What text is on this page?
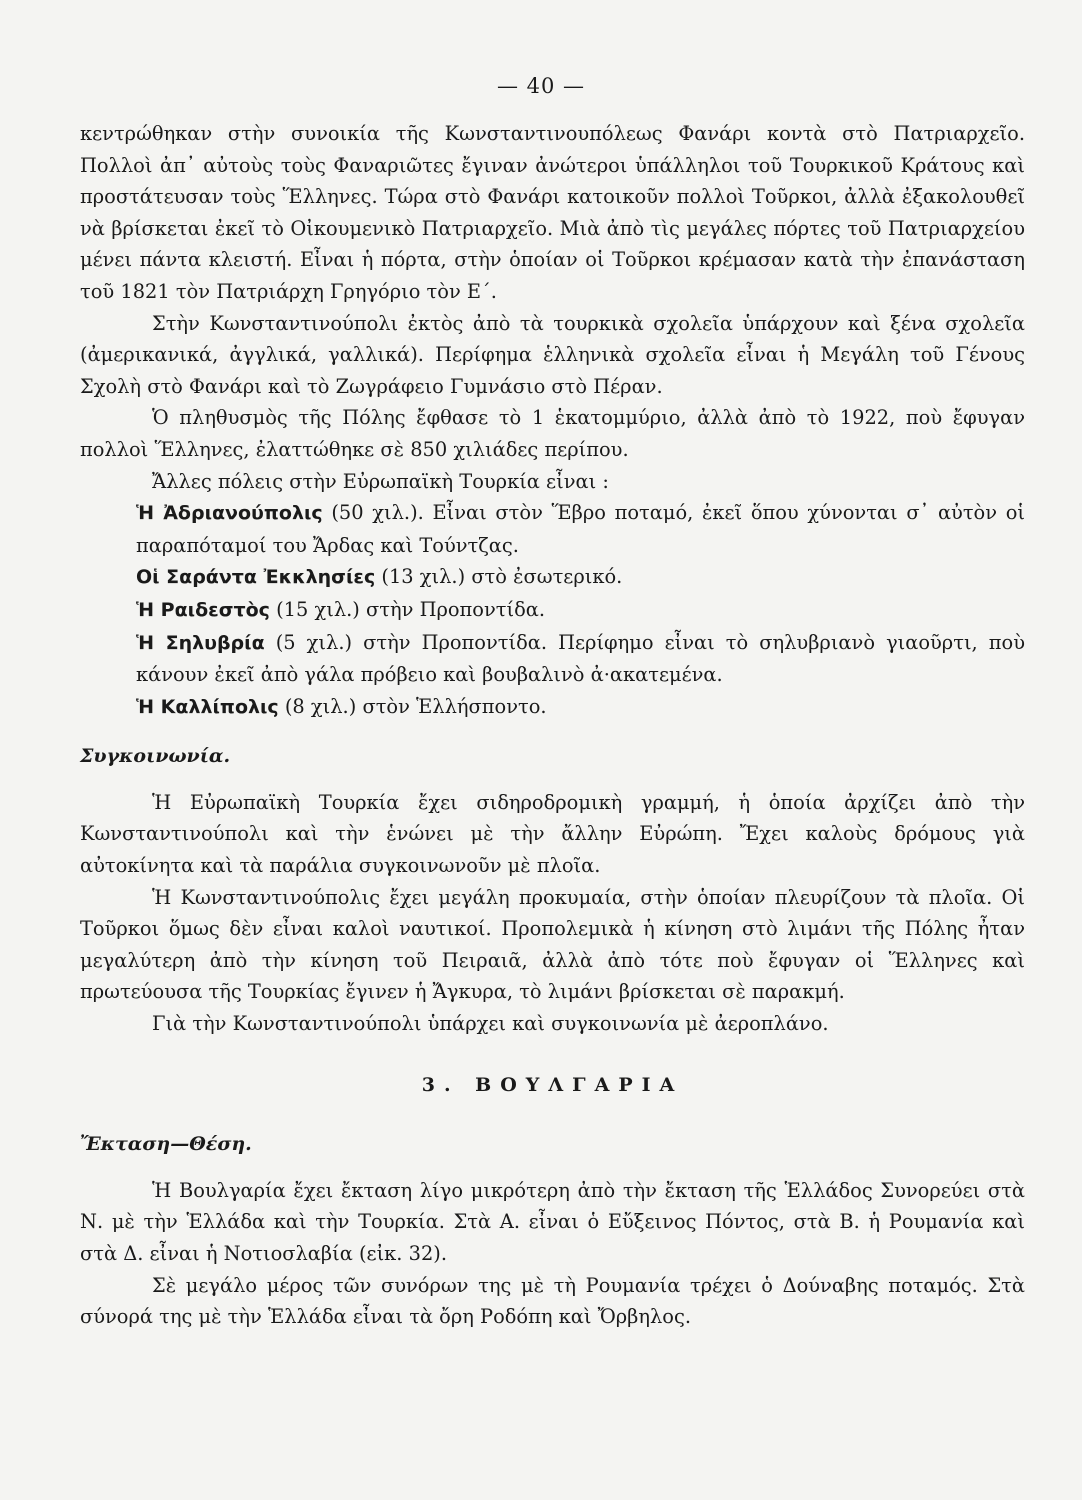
— 40 —

κεντρώθηκαν στὴν συνοικία τῆς Κωνσταντινουπόλεως Φανάρι κοντὰ στὸ Πατριαρχεῖο. Πολλοὶ ἀπ᾿ αὐτοὺς τοὺς Φαναριῶτες ἔγιναν ἀνώτεροι ὑπάλληλοι τοῦ Τουρκικοῦ Κράτους καὶ προστάτευσαν τοὺς Ἕλληνες. Τώρα στὸ Φανάρι κατοικοῦν πολλοὶ Τοῦρκοι, ἀλλὰ ἐξακολουθεῖ νὰ βρίσκεται ἐκεῖ τὸ Οἰκουμενικὸ Πατριαρχεῖο. Μιὰ ἀπὸ τὶς μεγάλες πόρτες τοῦ Πατριαρχείου μένει πάντα κλειστή. Εἶναι ἡ πόρτα, στὴν ὁποίαν οἱ Τοῦρκοι κρέμασαν κατὰ τὴν ἐπανάσταση τοῦ 1821 τὸν Πατριάρχη Γρηγόριο τὸν Ε΄.

Στὴν Κωνσταντινούπολι ἐκτὸς ἀπὸ τὰ τουρκικὰ σχολεῖα ὑπάρχουν καὶ ξένα σχολεῖα (ἀμερικανικά, ἀγγλικά, γαλλικά). Περίφημα ἑλληνικὰ σχολεῖα εἶναι ἡ Μεγάλη τοῦ Γένους Σχολὴ στὸ Φανάρι καὶ τὸ Ζωγράφειο Γυμνάσιο στὸ Πέραν.

Ὁ πληθυσμὸς τῆς Πόλης ἔφθασε τὸ 1 ἑκατομμύριο, ἀλλὰ ἀπὸ τὸ 1922, ποὺ ἔφυγαν πολλοὶ Ἕλληνες, ἐλαττώθηκε σὲ 850 χιλιάδες περίπου.

Ἄλλες πόλεις στὴν Εὐρωπαϊκὴ Τουρκία εἶναι :

Ἡ Ἀδριανούπολις (50 χιλ.). Εἶναι στὸν Ἕβρο ποταμό, ἐκεῖ ὅπου χύνονται σ᾿ αὐτὸν οἱ παραπόταμοί του Ἄρδας καὶ Τούντζας.

Οἱ Σαράντα Ἐκκλησίες (13 χιλ.) στὸ ἐσωτερικό.

Ἡ Ραιδεστὸς (15 χιλ.) στὴν Προποντίδα.

Ἡ Σηλυβρία (5 χιλ.) στὴν Προποντίδα. Περίφημο εἶναι τὸ σηλυβριανὸ γιαοῦρτι, ποὺ κάνουν ἐκεῖ ἀπὸ γάλα πρόβειο καὶ βουβαλινὸ ἀ·ακατεμένα.

Ἡ Καλλίπολις (8 χιλ.) στὸν Ἑλλήσποντο.

Συγκοινωνία.

Ἡ Εὐρωπαϊκὴ Τουρκία ἔχει σιδηροδρομικὴ γραμμή, ἡ ὁποία ἀρχίζει ἀπὸ τὴν Κωνσταντινούπολι καὶ τὴν ἑνώνει μὲ τὴν ἄλλην Εὐρώπη. Ἔχει καλοὺς δρόμους γιὰ αὐτοκίνητα καὶ τὰ παράλια συγκοινωνοῦν μὲ πλοῖα.

Ἡ Κωνσταντινούπολις ἔχει μεγάλη προκυμαία, στὴν ὁποίαν πλευρίζουν τὰ πλοῖα. Οἱ Τοῦρκοι ὅμως δὲν εἶναι καλοὶ ναυτικοί. Προπολεμικὰ ἡ κίνηση στὸ λιμάνι τῆς Πόλης ἦταν μεγαλύτερη ἀπὸ τὴν κίνηση τοῦ Πειραιᾶ, ἀλλὰ ἀπὸ τότε ποὺ ἔφυγαν οἱ Ἕλληνες καὶ πρωτεύουσα τῆς Τουρκίας ἔγινεν ἡ Ἄγκυρα, τὸ λιμάνι βρίσκεται σὲ παρακμή.

Γιὰ τὴν Κωνσταντινούπολι ὑπάρχει καὶ συγκοινωνία μὲ ἀεροπλάνο.

3. ΒΟΥΛΓΑΡΙΑ
Ἔκταση—Θέση.

Ἡ Βουλγαρία ἔχει ἔκταση λίγο μικρότερη ἀπὸ τὴν ἔκταση τῆς Ἑλλάδος Συνορεύει στὰ Ν. μὲ τὴν Ἑλλάδα καὶ τὴν Τουρκία. Στὰ Α. εἶναι ὁ Εὔξεινος Πόντος, στὰ Β. ἡ Ρουμανία καὶ στὰ Δ. εἶναι ἡ Νοτιοσλαβία (εἰκ. 32).

Σὲ μεγάλο μέρος τῶν συνόρων της μὲ τὴ Ρουμανία τρέχει ὁ Δούναβης ποταμός. Στὰ σύνορά της μὲ τὴν Ἑλλάδα εἶναι τὰ ὄρη Ροδόπη καὶ Ὄρβηλος.
